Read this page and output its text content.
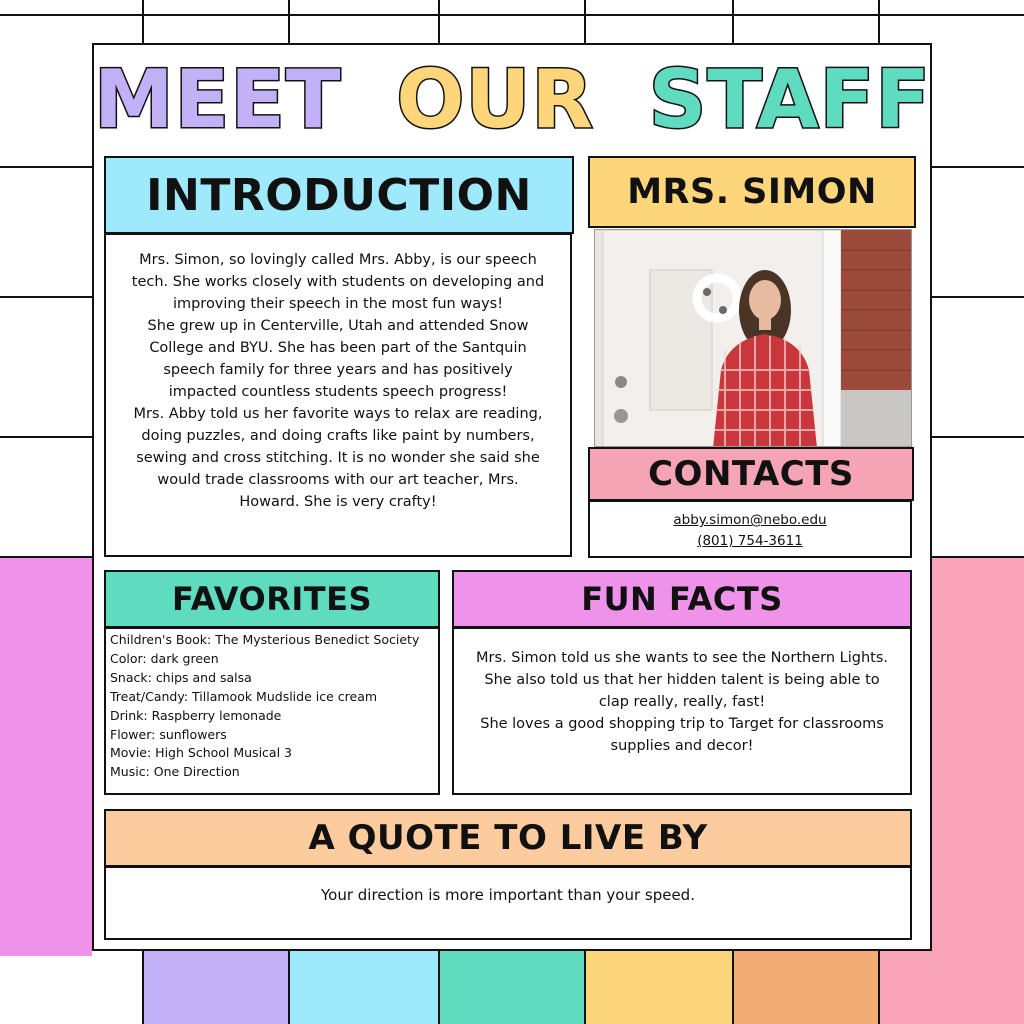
MEET OUR STAFF
Mrs. Simon, so lovingly called Mrs. Abby, is our speech
tech. She works closely with students on developing and
improving their speech in the most fun ways!
She grew up in Centerville, Utah and attended Snow
College and BYU. She has been part of the Santquin
speech family for three years and has positively
impacted countless students speech progress!
Mrs. Abby told us her favorite ways to relax are reading,
doing puzzles, and doing crafts like paint by numbers,
sewing and cross stitching. It is no wonder she said she
would trade classrooms with our art teacher, Mrs.
Howard. She is very crafty!
INTRODUCTION	MRS. SIMON
CONTACTS
abby.simon@nebo.edu
(801) 754-3611
FAVORITES
Children's Book: The Mysterious Benedict Society
Color: dark green
Snack: chips and salsa
Treat/Candy: Tillamook Mudslide ice cream
Drink: Raspberry lemonade
Flower: sunflowers
Movie: High School Musical 3
Music: One Direction
FUN FACTS
Mrs. Simon told us she wants to see the Northern Lights.
She also told us that her hidden talent is being able to
clap really, really, fast!
She loves a good shopping trip to Target for classrooms
supplies and decor!
A QUOTE TO LIVE BY
Your direction is more important than your speed.
